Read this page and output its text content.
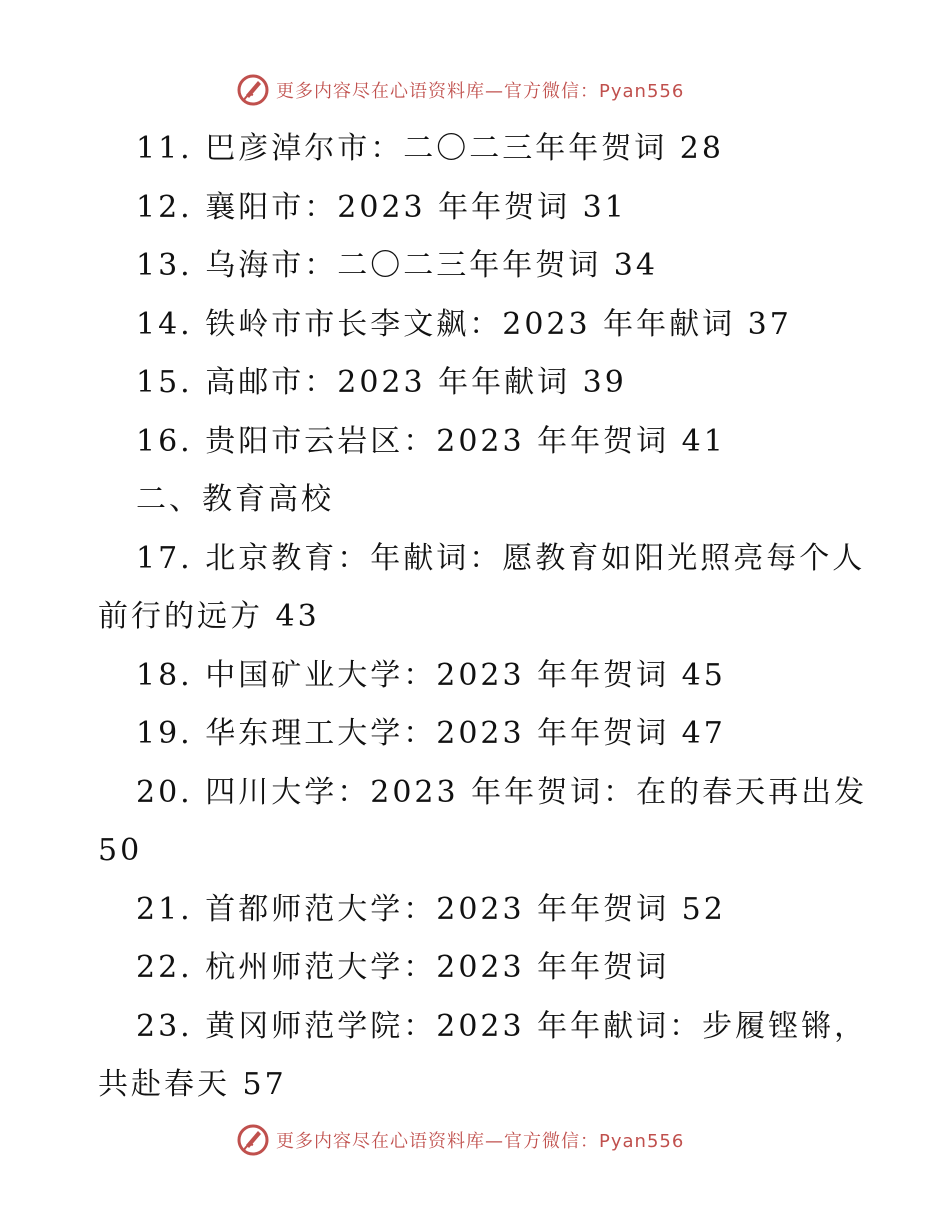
更多内容尽在心语资料库—官方微信：Pyan556
11. 巴彦淖尔市：二〇二三年年贺词 28
12. 襄阳市：2023 年年贺词 31
13. 乌海市：二〇二三年年贺词 34
14. 铁岭市市长李文飙：2023 年年献词 37
15. 高邮市：2023 年年献词 39
16. 贵阳市云岩区：2023 年年贺词 41
二、教育高校
17. 北京教育：年献词：愿教育如阳光照亮每个人前行的远方 43
18. 中国矿业大学：2023 年年贺词 45
19. 华东理工大学：2023 年年贺词 47
20. 四川大学：2023 年年贺词：在的春天再出发 50
21. 首都师范大学：2023 年年贺词 52
22. 杭州师范大学：2023 年年贺词
23. 黄冈师范学院：2023 年年献词：步履铿锵，共赴春天 57
更多内容尽在心语资料库—官方微信：Pyan556
